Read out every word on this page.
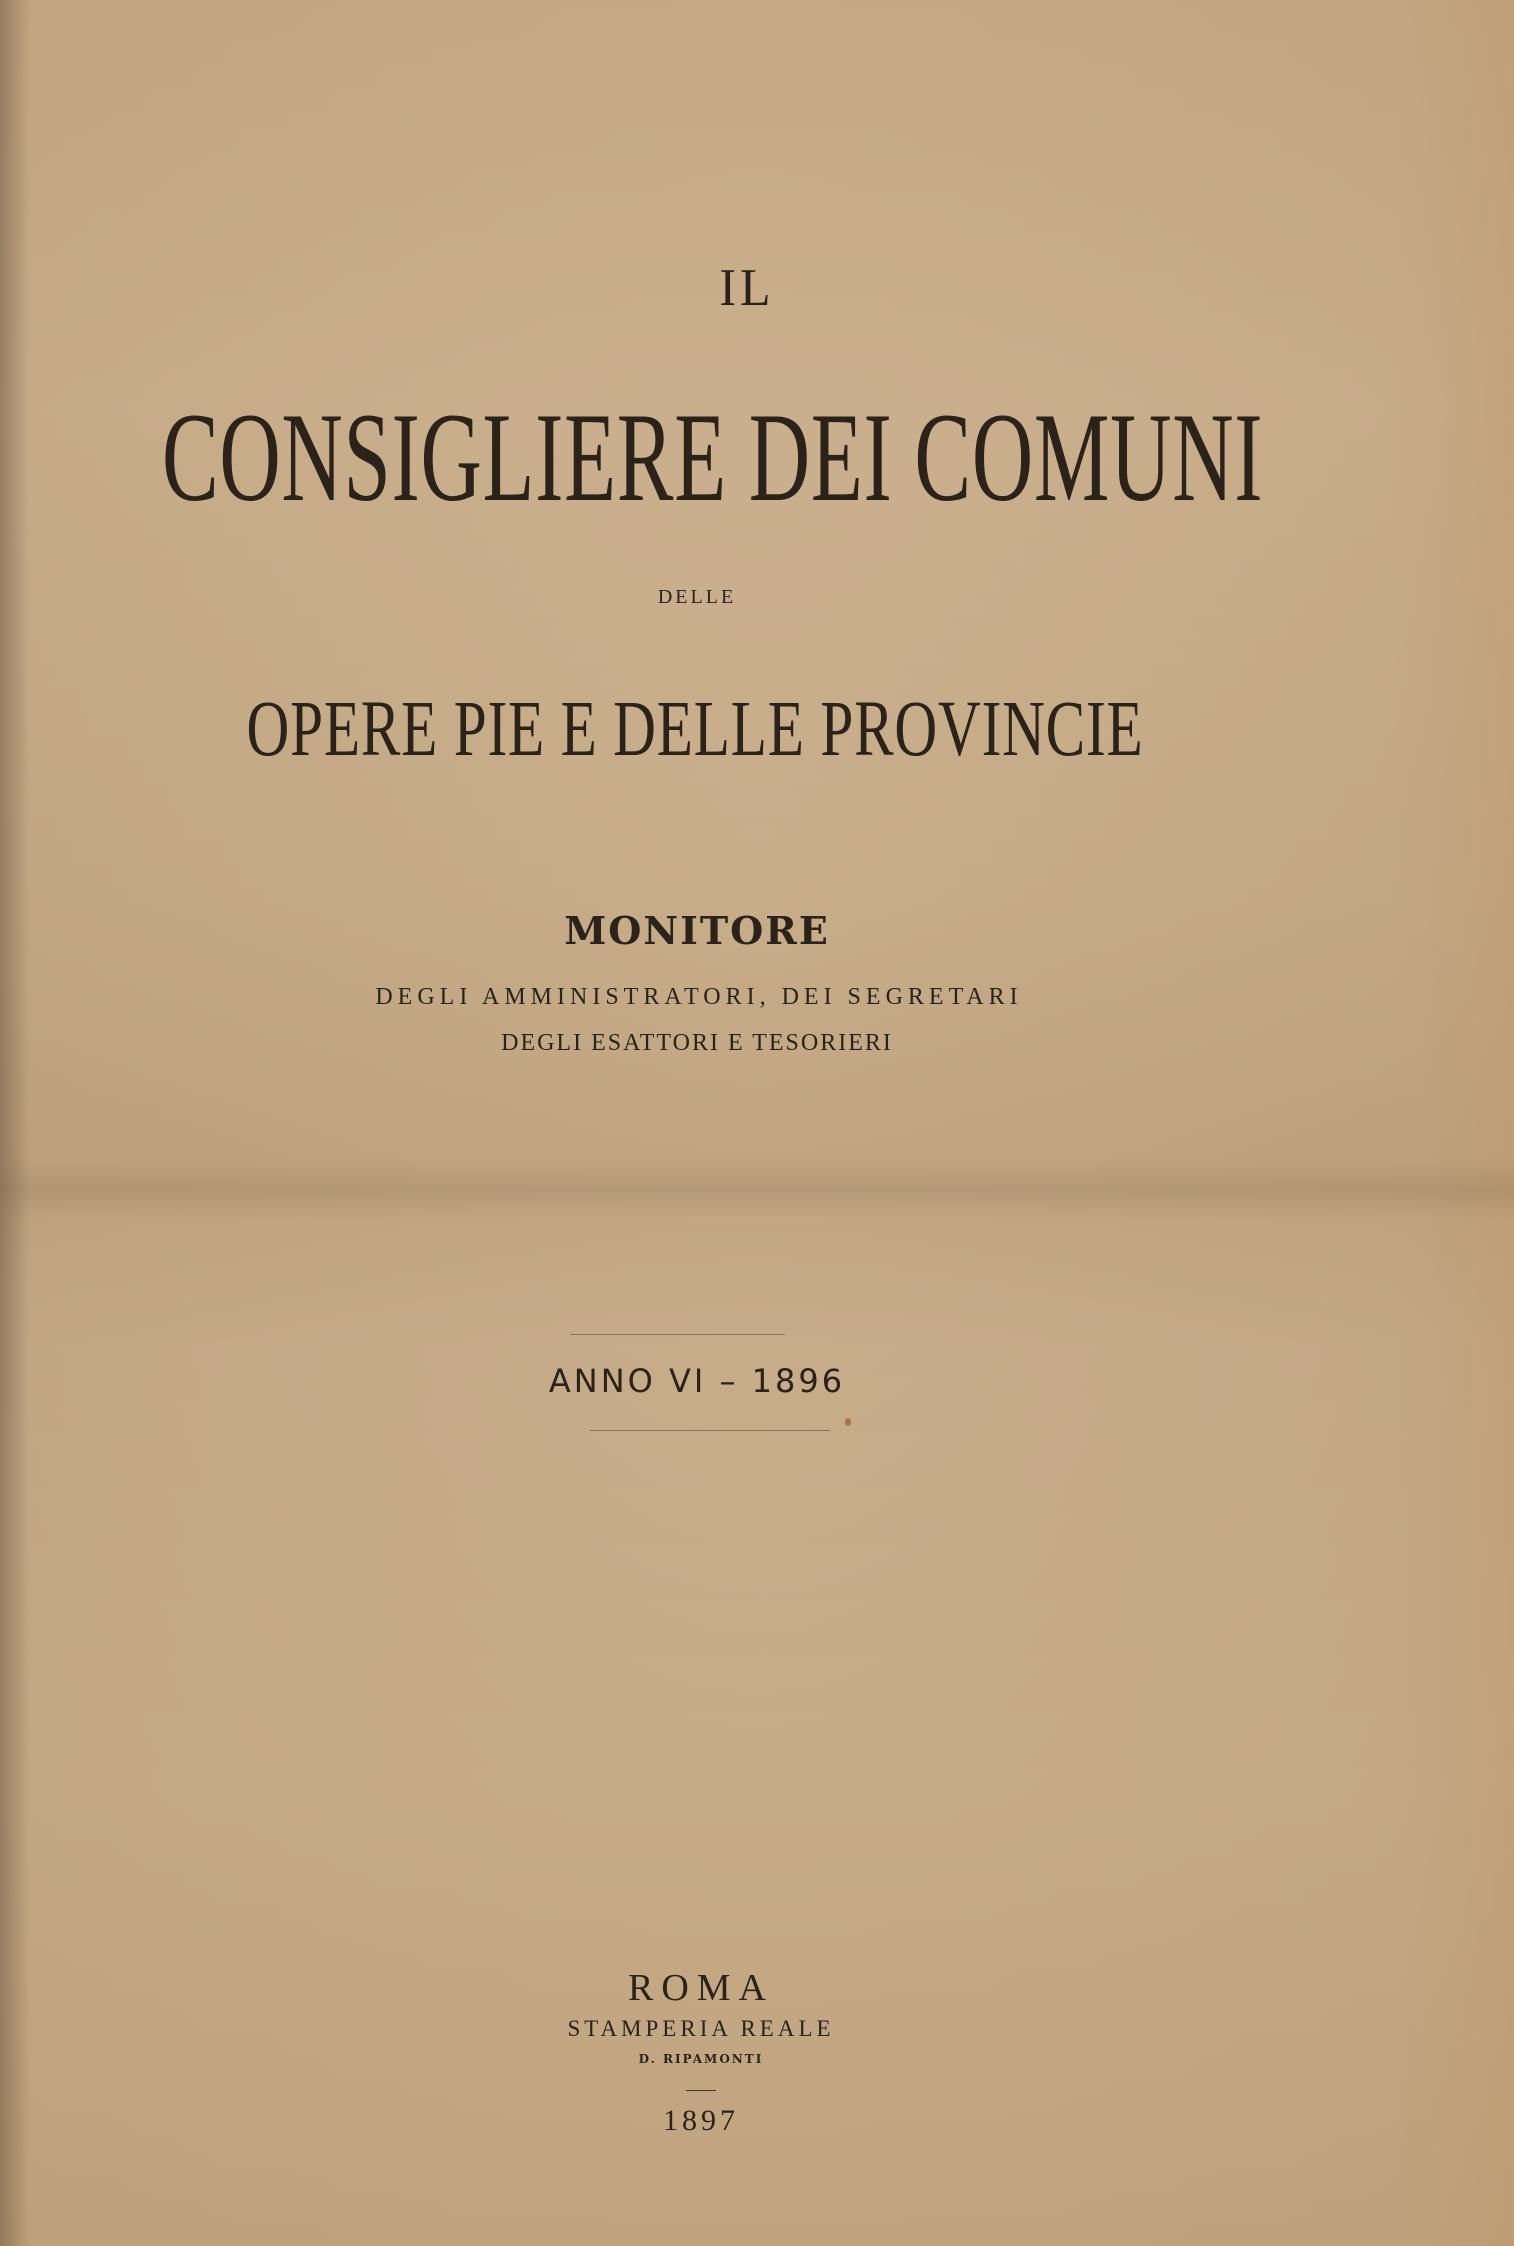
IL
CONSIGLIERE DEI COMUNI
DELLE
OPERE PIE E DELLE PROVINCIE
MONITORE
DEGLI AMMINISTRATORI, DEI SEGRETARI
DEGLI ESATTORI E TESORIERI
ANNO VI – 1896
ROMA
STAMPERIA REALE
D. RIPAMONTI
1897
